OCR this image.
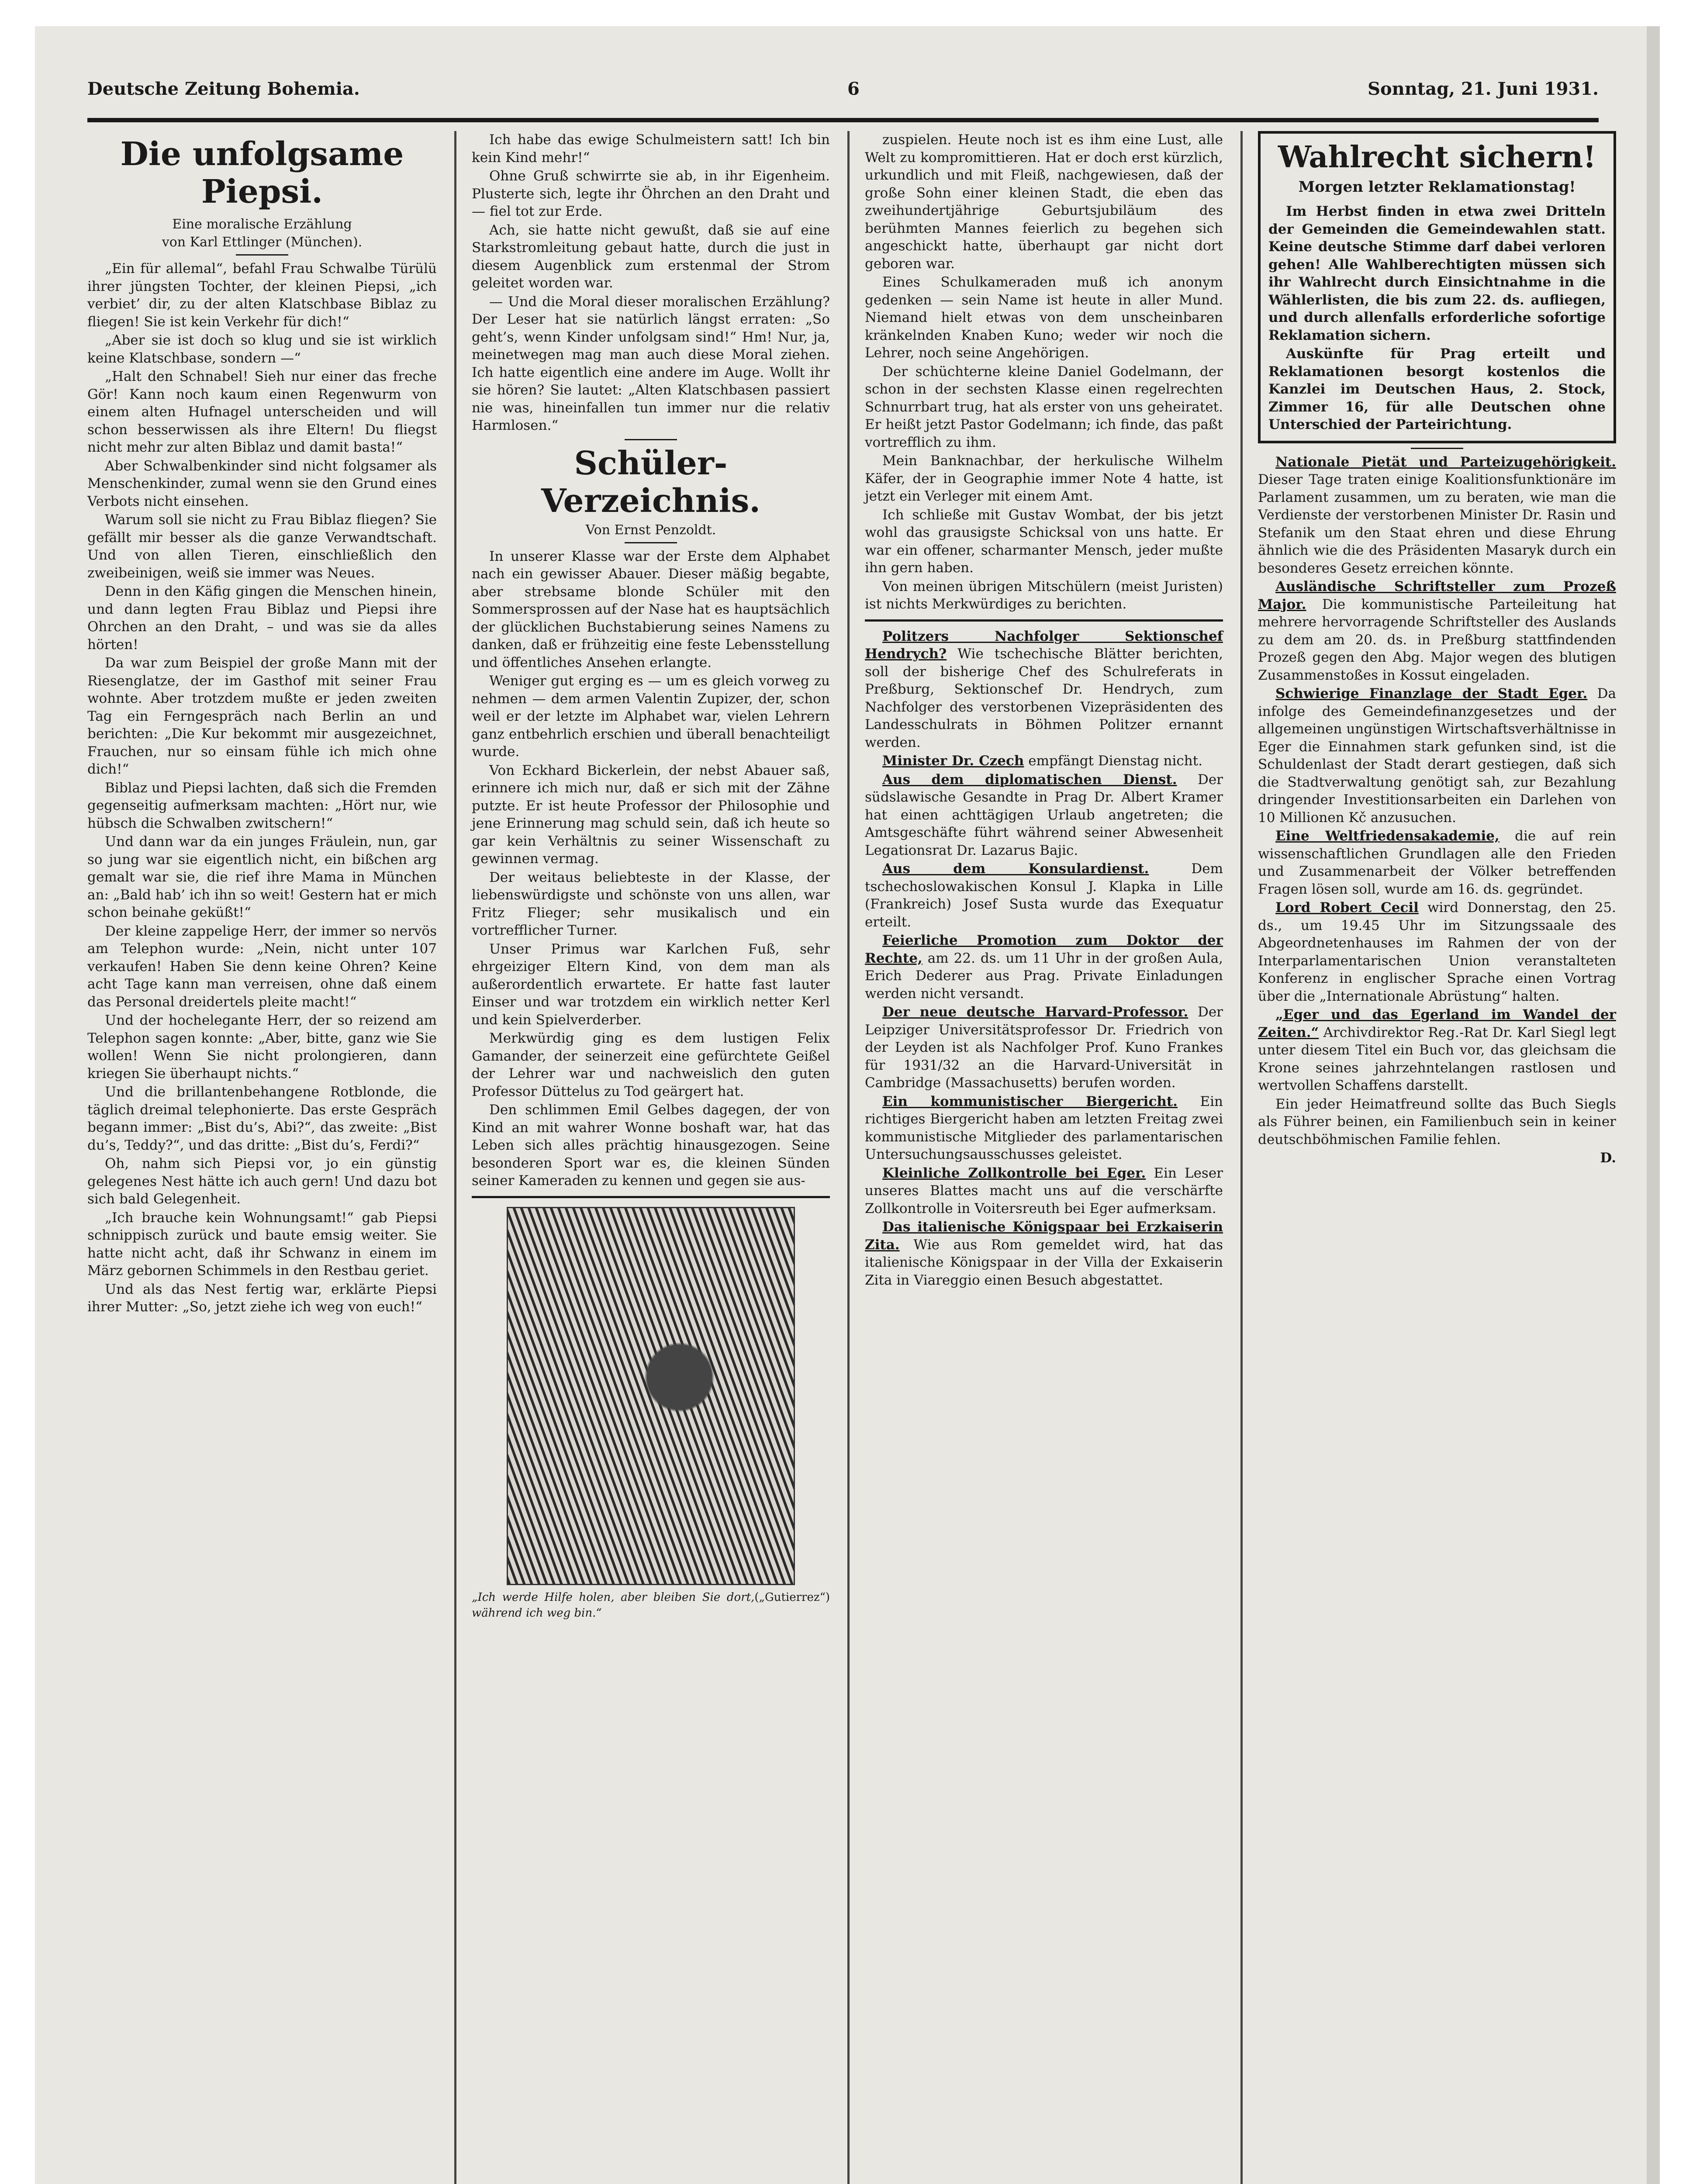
Deutsche Zeitung Bohemia.	6	Sonntag, 21. Juni 1931.
Die unfolgsame Piepsi.
Eine moralische Erzählung
von Karl Ettlinger (München).

„Ein für allemal“, befahl Frau Schwalbe Türülü ihrer jüngsten Tochter, der kleinen Piepsi, „ich verbiet’ dir, zu der alten Klatschbase Biblaz zu fliegen! Sie ist kein Verkehr für dich!“

„Aber sie ist doch so klug und sie ist wirklich keine Klatschbase, sondern —“

„Halt den Schnabel! Sieh nur einer das freche Gör! Kann noch kaum einen Regenwurm von einem alten Hufnagel unterscheiden und will schon besserwissen als ihre Eltern! Du fliegst nicht mehr zur alten Biblaz und damit basta!“

Aber Schwalbenkinder sind nicht folgsamer als Menschenkinder, zumal wenn sie den Grund eines Verbots nicht einsehen.

Warum soll sie nicht zu Frau Biblaz fliegen? Sie gefällt mir besser als die ganze Verwandtschaft. Und von allen Tieren, einschließlich den zweibeinigen, weiß sie immer was Neues.

Denn in den Käfig gingen die Menschen hinein, und dann legten Frau Biblaz und Piepsi ihre Ohrchen an den Draht, – und was sie da alles hörten!

Da war zum Beispiel der große Mann mit der Riesenglatze, der im Gasthof mit seiner Frau wohnte. Aber trotzdem mußte er jeden zweiten Tag ein Ferngespräch nach Berlin an und berichten: „Die Kur bekommt mir ausgezeichnet, Frauchen, nur so einsam fühle ich mich ohne dich!“

Biblaz und Piepsi lachten, daß sich die Fremden gegenseitig aufmerksam machten: „Hört nur, wie hübsch die Schwalben zwitschern!“

Und dann war da ein junges Fräulein, nun, gar so jung war sie eigentlich nicht, ein bißchen arg gemalt war sie, die rief ihre Mama in München an: „Bald hab’ ich ihn so weit! Gestern hat er mich schon beinahe geküßt!“

Der kleine zappelige Herr, der immer so nervös am Telephon wurde: „Nein, nicht unter 107 verkaufen! Haben Sie denn keine Ohren? Keine acht Tage kann man verreisen, ohne daß einem das Personal dreidertels pleite macht!“

Und der hochelegante Herr, der so reizend am Telephon sagen konnte: „Aber, bitte, ganz wie Sie wollen! Wenn Sie nicht prolongieren, dann kriegen Sie überhaupt nichts.“

Und die brillantenbehangene Rotblonde, die täglich dreimal telephonierte. Das erste Gespräch begann immer: „Bist du’s, Abi?“, das zweite: „Bist du’s, Teddy?“, und das dritte: „Bist du’s, Ferdi?“

Oh, nahm sich Piepsi vor, jo ein günstig gelegenes Nest hätte ich auch gern! Und dazu bot sich bald Gelegenheit.

„Ich brauche kein Wohnungsamt!“ gab Piepsi schnippisch zurück und baute emsig weiter. Sie hatte nicht acht, daß ihr Schwanz in einem im März gebornen Schimmels in den Restbau geriet.

Und als das Nest fertig war, erklärte Piepsi ihrer Mutter: „So, jetzt ziehe ich weg von euch!“

Ich habe das ewige Schulmeistern satt! Ich bin kein Kind mehr!“

Ohne Gruß schwirrte sie ab, in ihr Eigenheim. Plusterte sich, legte ihr Öhrchen an den Draht und — fiel tot zur Erde.

Ach, sie hatte nicht gewußt, daß sie auf eine Starkstromleitung gebaut hatte, durch die just in diesem Augenblick zum erstenmal der Strom geleitet worden war.

— Und die Moral dieser moralischen Erzählung? Der Leser hat sie natürlich längst erraten: „So geht’s, wenn Kinder unfolgsam sind!“ Hm! Nur, ja, meinetwegen mag man auch diese Moral ziehen. Ich hatte eigentlich eine andere im Auge. Wollt ihr sie hören? Sie lautet: „Alten Klatschbasen passiert nie was, hineinfallen tun immer nur die relativ Harmlosen.“

Schüler-Verzeichnis.
Von Ernst Penzoldt.

In unserer Klasse war der Erste dem Alphabet nach ein gewisser Abauer. Dieser mäßig begabte, aber strebsame blonde Schüler mit den Sommersprossen auf der Nase hat es hauptsächlich der glücklichen Buchstabierung seines Namens zu danken, daß er frühzeitig eine feste Lebensstellung und öffentliches Ansehen erlangte.

Weniger gut erging es — um es gleich vorweg zu nehmen — dem armen Valentin Zupizer, der, schon weil er der letzte im Alphabet war, vielen Lehrern ganz entbehrlich erschien und überall benachteiligt wurde.

Von Eckhard Bickerlein, der nebst Abauer saß, erinnere ich mich nur, daß er sich mit der Zähne putzte. Er ist heute Professor der Philosophie und jene Erinnerung mag schuld sein, daß ich heute so gar kein Verhältnis zu seiner Wissenschaft zu gewinnen vermag.

Der weitaus beliebteste in der Klasse, der liebenswürdigste und schönste von uns allen, war Fritz Flieger; sehr musikalisch und ein vortrefflicher Turner.

Unser Primus war Karlchen Fuß, sehr ehrgeiziger Eltern Kind, von dem man als außerordentlich erwartete. Er hatte fast lauter Einser und war trotzdem ein wirklich netter Kerl und kein Spielverderber.

Merkwürdig ging es dem lustigen Felix Gamander, der seinerzeit eine gefürchtete Geißel der Lehrer war und nachweislich den guten Professor Düttelus zu Tod geärgert hat.

Den schlimmen Emil Gelbes dagegen, der von Kind an mit wahrer Wonne boshaft war, hat das Leben sich alles prächtig hinausgezogen. Seine besonderen Sport war es, die kleinen Sünden seiner Kameraden zu kennen und gegen sie aus-

(„Gutierrez“)
„Ich werde Hilfe holen, aber bleiben Sie dort, während ich weg bin.“

zuspielen. Heute noch ist es ihm eine Lust, alle Welt zu kompromittieren. Hat er doch erst kürzlich, urkundlich und mit Fleiß, nachgewiesen, daß der große Sohn einer kleinen Stadt, die eben das zweihundertjährige Geburtsjubiläum des berühmten Mannes feierlich zu begehen sich angeschickt hatte, überhaupt gar nicht dort geboren war.

Eines Schulkameraden muß ich anonym gedenken — sein Name ist heute in aller Mund. Niemand hielt etwas von dem unscheinbaren kränkelnden Knaben Kuno; weder wir noch die Lehrer, noch seine Angehörigen.

Der schüchterne kleine Daniel Godelmann, der schon in der sechsten Klasse einen regelrechten Schnurrbart trug, hat als erster von uns geheiratet. Er heißt jetzt Pastor Godelmann; ich finde, das paßt vortrefflich zu ihm.

Mein Banknachbar, der herkulische Wilhelm Käfer, der in Geographie immer Note 4 hatte, ist jetzt ein Verleger mit einem Amt.

Ich schließe mit Gustav Wombat, der bis jetzt wohl das grausigste Schicksal von uns hatte. Er war ein offener, scharmanter Mensch, jeder mußte ihn gern haben.

Von meinen übrigen Mitschülern (meist Juristen) ist nichts Merkwürdiges zu berichten.

Politzers Nachfolger Sektionschef Hendrych? Wie tschechische Blätter berichten, soll der bisherige Chef des Schulreferats in Preßburg, Sektionschef Dr. Hendrych, zum Nachfolger des verstorbenen Vizepräsidenten des Landesschulrats in Böhmen Politzer ernannt werden.

Minister Dr. Czech empfängt Dienstag nicht.

Aus dem diplomatischen Dienst. Der südslawische Gesandte in Prag Dr. Albert Kramer hat einen achttägigen Urlaub angetreten; die Amtsgeschäfte führt während seiner Abwesenheit Legationsrat Dr. Lazarus Bajic.

Aus dem Konsulardienst.	Dem tschechoslowakischen Konsul J. Klapka in Lille (Frankreich) Josef Susta wurde das Exequatur erteilt.

Feierliche Promotion zum Doktor der Rechte, am 22. ds. um 11 Uhr in der großen Aula, Erich Dederer aus Prag. Private Einladungen werden nicht versandt.

Der neue deutsche Harvard-Professor. Der Leipziger Universitätsprofessor Dr. Friedrich von der Leyden ist als Nachfolger Prof. Kuno Frankes für 1931/32 an die Harvard-Universität in Cambridge (Massachusetts) berufen worden.

Ein kommunistischer Biergericht. Ein richtiges Biergericht haben am letzten Freitag zwei kommunistische Mitglieder des parlamentarischen Untersuchungsausschusses geleistet.

Kleinliche Zollkontrolle bei Eger. Ein Leser unseres Blattes macht uns auf die verschärfte Zollkontrolle in Voitersreuth bei Eger aufmerksam.

Das italienische Königspaar bei Erzkaiserin Zita. Wie aus Rom gemeldet wird, hat das italienische Königspaar in der Villa der Exkaiserin Zita in Viareggio einen Besuch abgestattet.

Wahlrecht sichern!
Morgen letzter Reklamationstag!

Im Herbst finden in etwa zwei Dritteln der Gemeinden die Gemeindewahlen statt. Keine deutsche Stimme darf dabei verloren gehen! Alle Wahlberechtigten müssen sich ihr Wahlrecht durch Einsichtnahme in die Wählerlisten, die bis zum 22. ds. aufliegen, und durch allenfalls erforderliche sofortige Reklamation sichern.

Auskünfte für Prag erteilt und Reklamationen besorgt kostenlos die Kanzlei im Deutschen Haus, 2. Stock, Zimmer 16, für alle Deutschen ohne Unterschied der Parteirichtung.

Nationale Pietät und Parteizugehörigkeit. Dieser Tage traten einige Koalitionsfunktionäre im Parlament zusammen, um zu beraten, wie man die Verdienste der verstorbenen Minister Dr. Rasin und Stefanik um den Staat ehren und diese Ehrung ähnlich wie die des Präsidenten Masaryk durch ein besonderes Gesetz erreichen könnte.

Ausländische Schriftsteller zum Prozeß Major. Die kommunistische Parteileitung hat mehrere hervorragende Schriftsteller des Auslands zu dem am 20. ds. in Preßburg stattfindenden Prozeß gegen den Abg. Major wegen des blutigen Zusammenstoßes in Kossut eingeladen.

Schwierige Finanzlage der Stadt Eger. Da infolge des Gemeindefinanzgesetzes und der allgemeinen ungünstigen Wirtschaftsverhältnisse in Eger die Einnahmen stark gefunken sind, ist die Schuldenlast der Stadt derart gestiegen, daß sich die Stadtverwaltung genötigt sah, zur Bezahlung dringender Investitionsarbeiten ein Darlehen von 10 Millionen Kč anzusuchen.

Eine Weltfriedensakademie, die auf rein wissenschaftlichen Grundlagen alle den Frieden und Zusammenarbeit der Völker betreffenden Fragen lösen soll, wurde am 16. ds. gegründet.

Lord Robert Cecil wird Donnerstag, den 25. ds., um 19.45 Uhr im Sitzungssaale des Abgeordnetenhauses im Rahmen der von der Interparlamentarischen Union veranstalteten Konferenz in englischer Sprache einen Vortrag über die „Internationale Abrüstung“ halten.

„Eger und das Egerland im Wandel der Zeiten.“ Archivdirektor Reg.-Rat Dr. Karl Siegl legt unter diesem Titel ein Buch vor, das gleichsam die Krone seines jahrzehntelangen rastlosen und wertvollen Schaffens darstellt.

Ein jeder Heimatfreund sollte das Buch Siegls als Führer beinen, ein Familienbuch sein in keiner deutschböhmischen Familie fehlen.

D.
